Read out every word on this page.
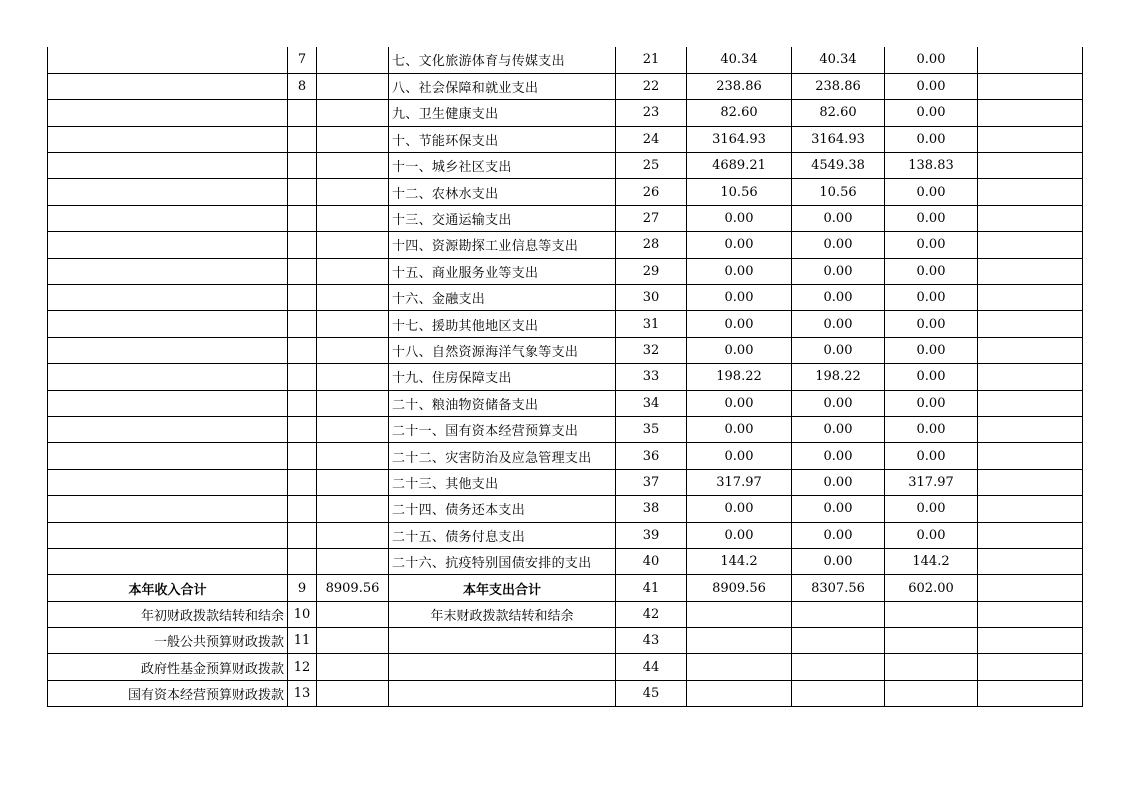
	7		七、文化旅游体育与传媒支出	21	40.34	40.34	0.00	
	8		八、社会保障和就业支出	22	238.86	238.86	0.00	
			九、卫生健康支出	23	82.60	82.60	0.00	
			十、节能环保支出	24	3164.93	3164.93	0.00	
			十一、城乡社区支出	25	4689.21	4549.38	138.83	
			十二、农林水支出	26	10.56	10.56	0.00	
			十三、交通运输支出	27	0.00	0.00	0.00	
			十四、资源勘探工业信息等支出	28	0.00	0.00	0.00	
			十五、商业服务业等支出	29	0.00	0.00	0.00	
			十六、金融支出	30	0.00	0.00	0.00	
			十七、援助其他地区支出	31	0.00	0.00	0.00	
			十八、自然资源海洋气象等支出	32	0.00	0.00	0.00	
			十九、住房保障支出	33	198.22	198.22	0.00	
			二十、粮油物资储备支出	34	0.00	0.00	0.00	
			二十一、国有资本经营预算支出	35	0.00	0.00	0.00	
			二十二、灾害防治及应急管理支出	36	0.00	0.00	0.00	
			二十三、其他支出	37	317.97	0.00	317.97	
			二十四、债务还本支出	38	0.00	0.00	0.00	
			二十五、债务付息支出	39	0.00	0.00	0.00	
			二十六、抗疫特别国债安排的支出	40	144.2	0.00	144.2	
本年收入合计	9	8909.56	本年支出合计	41	8909.56	8307.56	602.00	
年初财政拨款结转和结余	10		年末财政拨款结转和结余	42				
一般公共预算财政拨款	11			43				
政府性基金预算财政拨款	12			44				
国有资本经营预算财政拨款	13			45				
